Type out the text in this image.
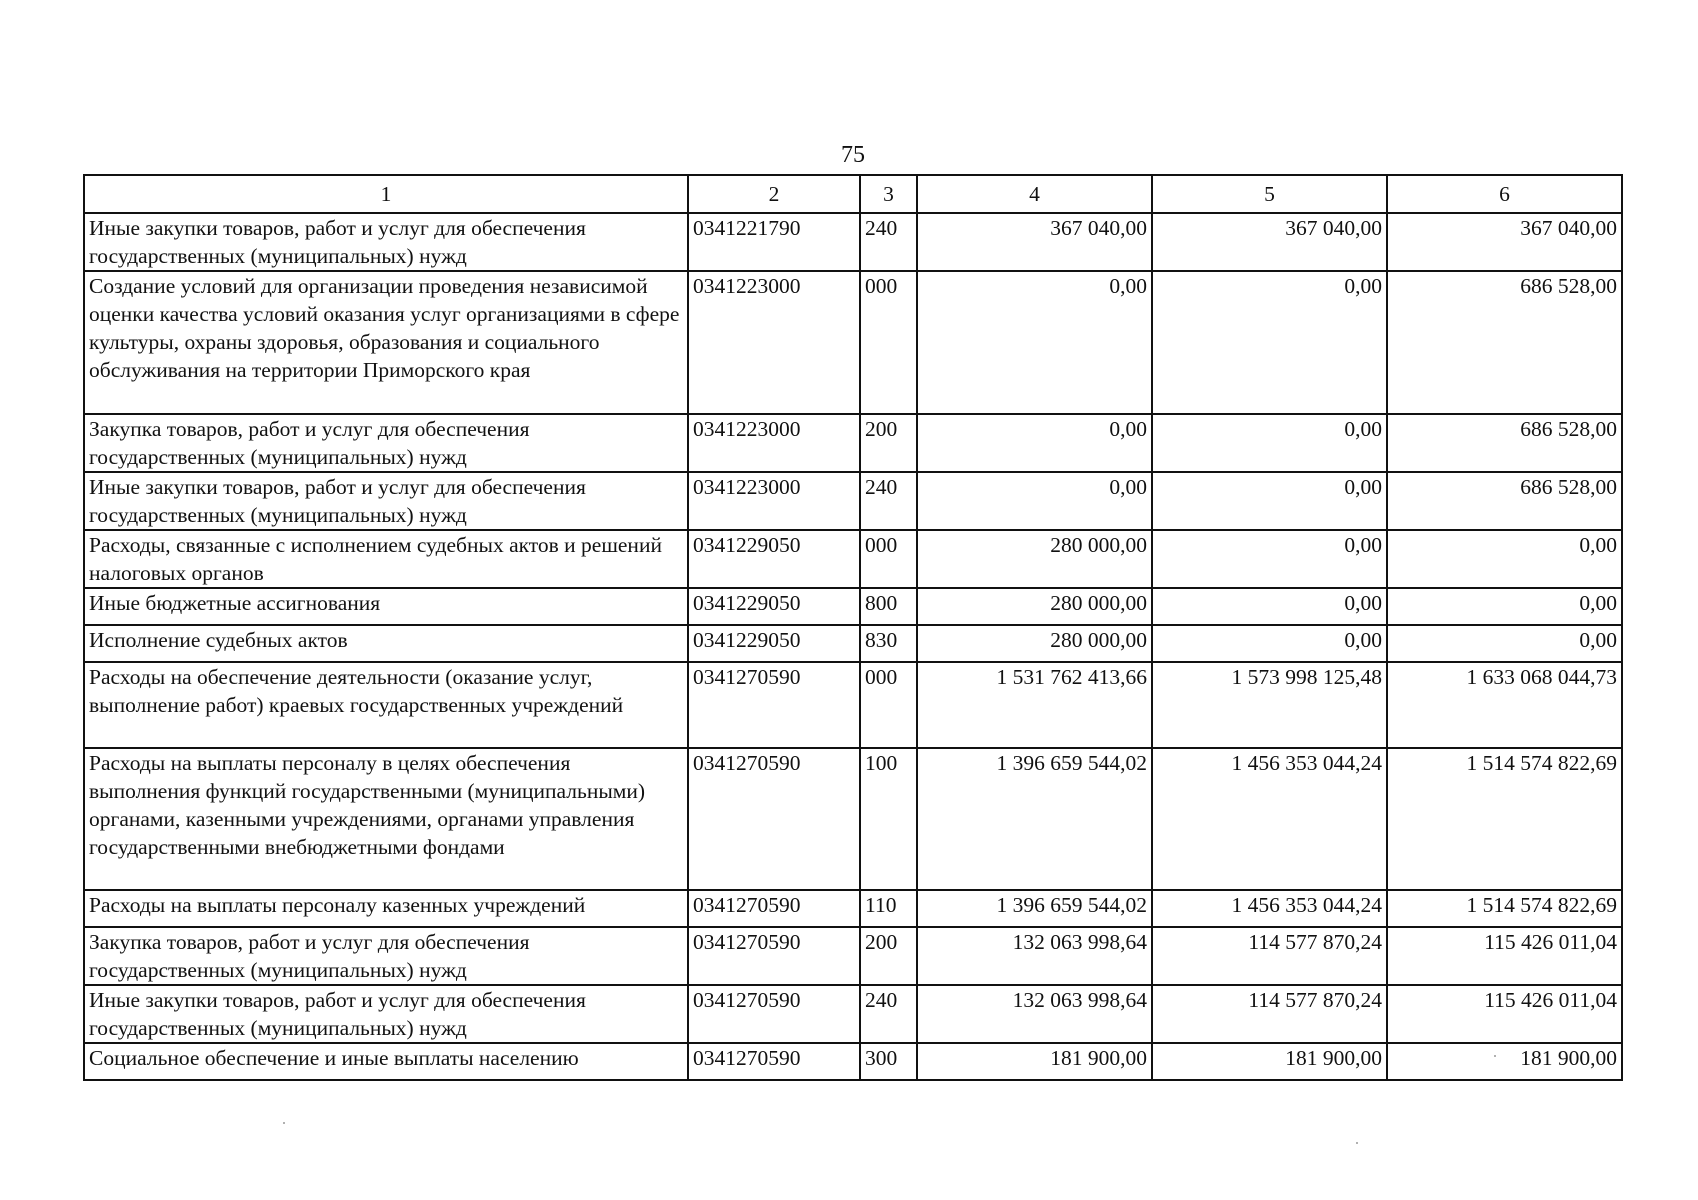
75
1	2	3	4	5	6
Иные закупки товаров, работ и услуг для обеспечения государственных (муниципальных) нужд	0341221790	240	367 040,00	367 040,00	367 040,00
Создание условий для организации проведения независимой оценки качества условий оказания услуг организациями в сфере культуры, охраны здоровья, образования и социального обслуживания на территории Приморского края	0341223000	000	0,00	0,00	686 528,00
Закупка товаров, работ и услуг для обеспечения государственных (муниципальных) нужд	0341223000	200	0,00	0,00	686 528,00
Иные закупки товаров, работ и услуг для обеспечения государственных (муниципальных) нужд	0341223000	240	0,00	0,00	686 528,00
Расходы, связанные с исполнением судебных актов и решений налоговых органов	0341229050	000	280 000,00	0,00	0,00
Иные бюджетные ассигнования	0341229050	800	280 000,00	0,00	0,00
Исполнение судебных актов	0341229050	830	280 000,00	0,00	0,00
Расходы на обеспечение деятельности (оказание услуг, выполнение работ) краевых государственных учреждений	0341270590	000	1 531 762 413,66	1 573 998 125,48	1 633 068 044,73
Расходы на выплаты персоналу в целях обеспечения выполнения функций государственными (муниципальными) органами, казенными учреждениями, органами управления государственными внебюджетными фондами	0341270590	100	1 396 659 544,02	1 456 353 044,24	1 514 574 822,69
Расходы на выплаты персоналу казенных учреждений	0341270590	110	1 396 659 544,02	1 456 353 044,24	1 514 574 822,69
Закупка товаров, работ и услуг для обеспечения государственных (муниципальных) нужд	0341270590	200	132 063 998,64	114 577 870,24	115 426 011,04
Иные закупки товаров, работ и услуг для обеспечения государственных (муниципальных) нужд	0341270590	240	132 063 998,64	114 577 870,24	115 426 011,04
Социальное обеспечение и иные выплаты населению	0341270590	300	181 900,00	181 900,00	181 900,00
